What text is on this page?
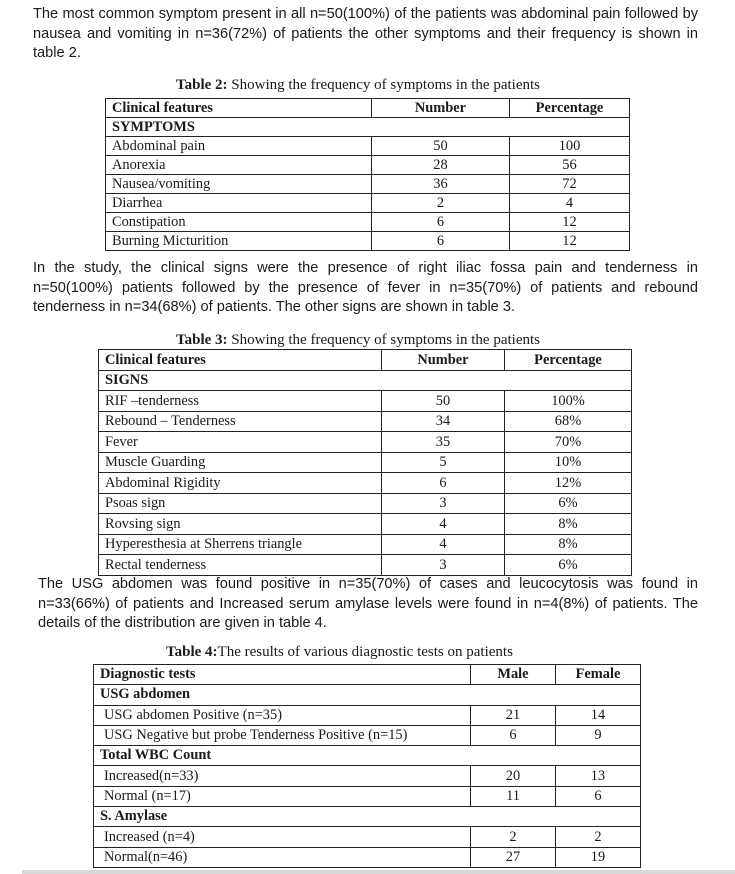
The most common symptom present in all n=50(100%) of the patients was abdominal pain followed by nausea and vomiting in n=36(72%) of patients the other symptoms and their frequency is shown in table 2.

Table 2: Showing the frequency of symptoms in the patients
Clinical features	Number	Percentage
SYMPTOMS		
Abdominal pain	50	100
Anorexia	28	56
Nausea/vomiting	36	72
Diarrhea	2	4
Constipation	6	12
Burning Micturition	6	12

In the study, the clinical signs were the presence of right iliac fossa pain and tenderness in n=50(100%) patients followed by the presence of fever in n=35(70%) of patients and rebound tenderness in n=34(68%) of patients. The other signs are shown in table 3.

Table 3: Showing the frequency of symptoms in the patients
Clinical features	Number	Percentage
SIGNS		
RIF –tenderness	50	100%
Rebound – Tenderness	34	68%
Fever	35	70%
Muscle Guarding	5	10%
Abdominal Rigidity	6	12%
Psoas sign	3	6%
Rovsing sign	4	8%
Hyperesthesia at Sherrens triangle	4	8%
Rectal tenderness	3	6%

The USG abdomen was found positive in n=35(70%) of cases and leucocytosis was found in n=33(66%) of patients and Increased serum amylase levels were found in n=4(8%) of patients. The details of the distribution are given in table 4.

Table 4:The results of various diagnostic tests on patients
Diagnostic tests	Male	Female
USG abdomen		
USG abdomen Positive (n=35)	21	14
USG Negative but probe Tenderness Positive (n=15)	6	9
Total WBC Count		
Increased(n=33)	20	13
Normal (n=17)	11	6
S. Amylase		
Increased (n=4)	2	2
Normal(n=46)	27	19
